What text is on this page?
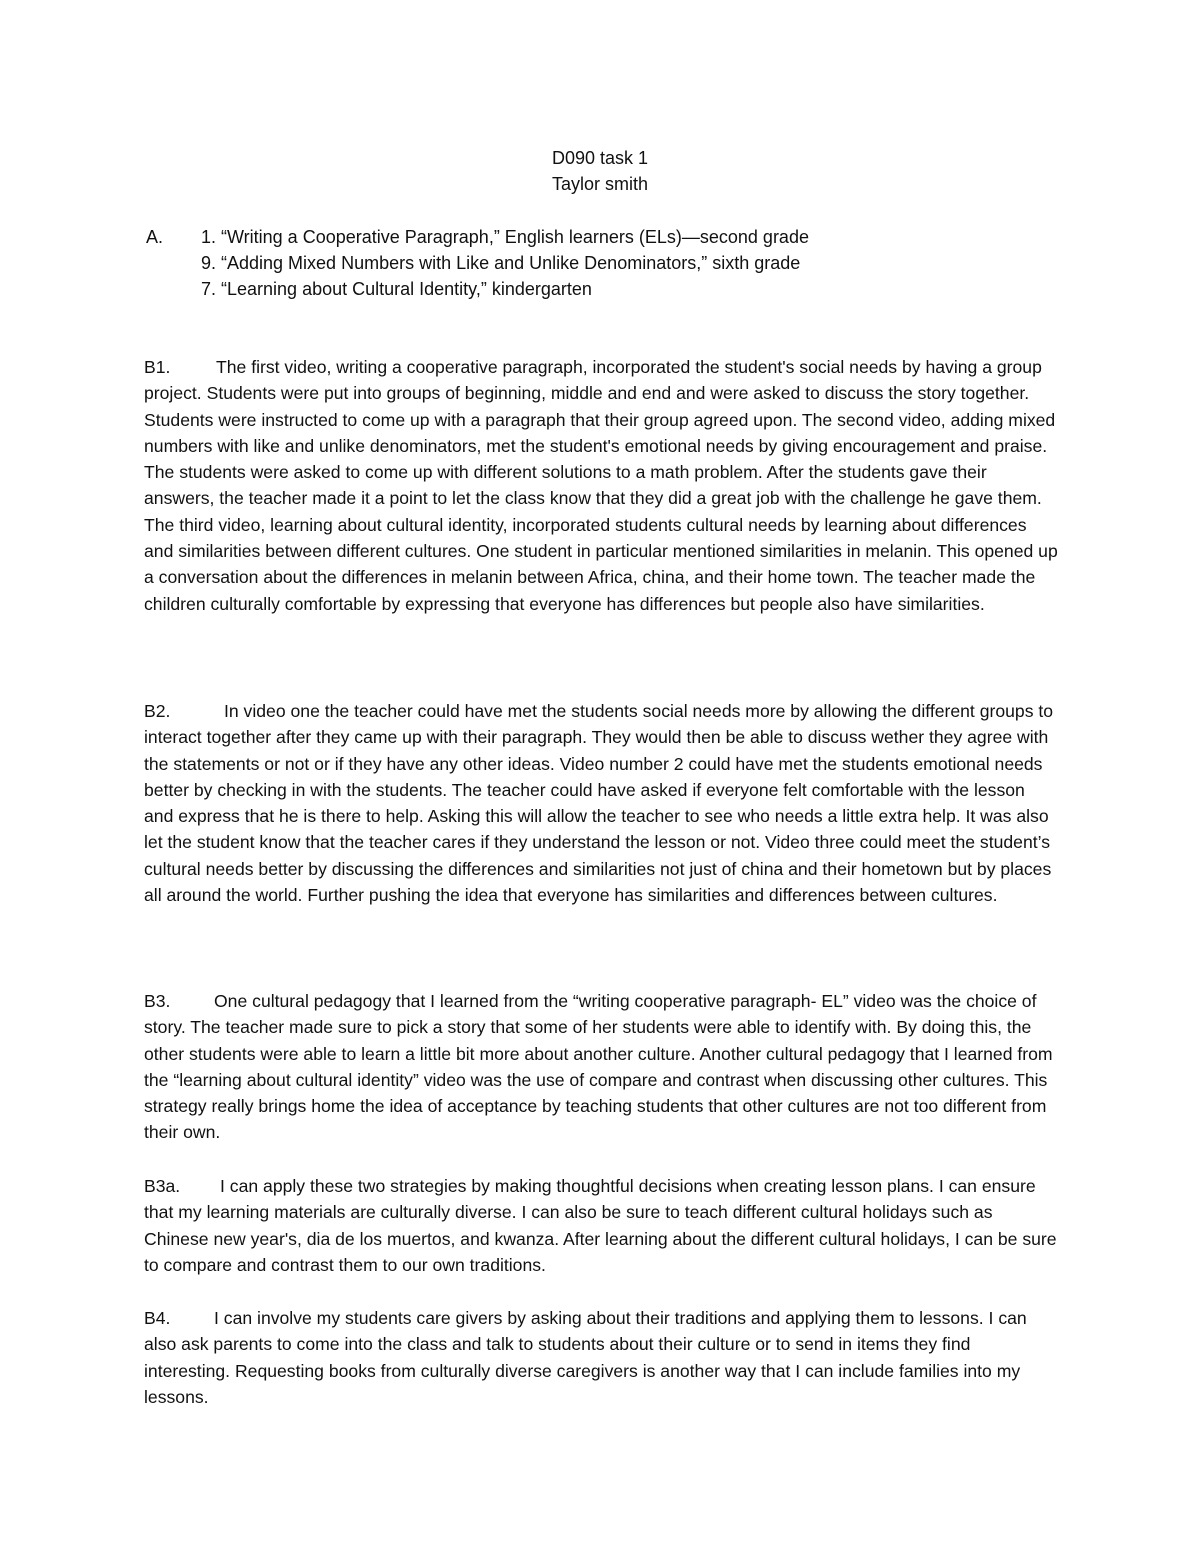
D090 task 1
Taylor smith
A. 1. “Writing a Cooperative Paragraph,” English learners (ELs)—second grade
9. “Adding Mixed Numbers with Like and Unlike Denominators,” sixth grade
7. “Learning about Cultural Identity,” kindergarten

B1.	The first video, writing a cooperative paragraph, incorporated the student's social needs by having a group project. Students were put into groups of beginning, middle and end and were asked to discuss the story together. Students were instructed to come up with a paragraph that their group agreed upon. The second video, adding mixed numbers with like and unlike denominators, met the student's emotional needs by giving encouragement and praise. The students were asked to come up with different solutions to a math problem. After the students gave their answers, the teacher made it a point to let the class know that they did a great job with the challenge he gave them. The third video, learning about cultural identity, incorporated students cultural needs by learning about differences and similarities between different cultures. One student in particular mentioned similarities in melanin. This opened up a conversation about the differences in melanin between Africa, china, and their home town. The teacher made the children culturally comfortable by expressing that everyone has differences but people also have similarities.

B2.	In video one the teacher could have met the students social needs more by allowing the different groups to interact together after they came up with their paragraph. They would then be able to discuss wether they agree with the statements or not or if they have any other ideas. Video number 2 could have met the students emotional needs better by checking in with the students. The teacher could have asked if everyone felt comfortable with the lesson and express that he is there to help. Asking this will allow the teacher to see who needs a little extra help. It was also let the student know that the teacher cares if they understand the lesson or not. Video three could meet the student’s cultural needs better by discussing the differences and similarities not just of china and their hometown but by places all around the world. Further pushing the idea that everyone has similarities and differences between cultures.

B3. One cultural pedagogy that I learned from the “writing cooperative paragraph- EL” video was the choice of story. The teacher made sure to pick a story that some of her students were able to identify with. By doing this, the other students were able to learn a little bit more about another culture. Another cultural pedagogy that I learned from the “learning about cultural identity” video was the use of compare and contrast when discussing other cultures. This strategy really brings home the idea of acceptance by teaching students that other cultures are not too different from their own.

B3a. I can apply these two strategies by making thoughtful decisions when creating lesson plans. I can ensure that my learning materials are culturally diverse. I can also be sure to teach different cultural holidays such as Chinese new year's, dia de los muertos, and kwanza. After learning about the different cultural holidays, I can be sure to compare and contrast them to our own traditions.

B4. I can involve my students care givers by asking about their traditions and applying them to lessons. I can also ask parents to come into the class and talk to students about their culture or to send in items they find interesting. Requesting books from culturally diverse caregivers is another way that I can include families into my lessons.
